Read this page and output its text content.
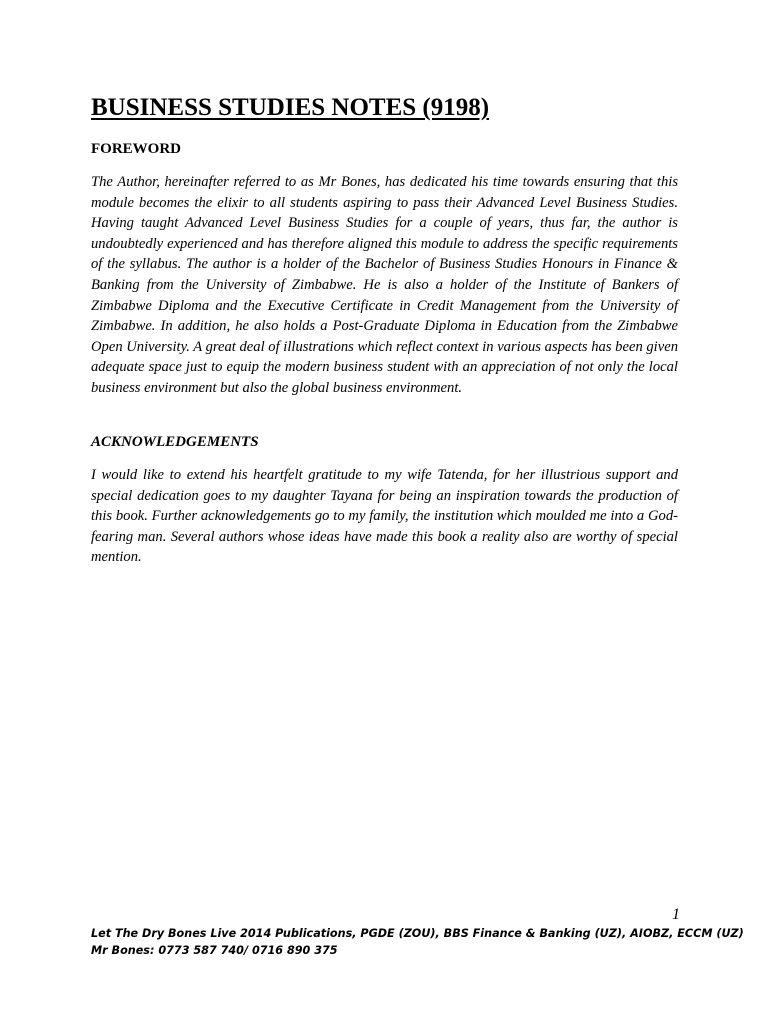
BUSINESS STUDIES NOTES (9198)
FOREWORD

The Author, hereinafter referred to as Mr Bones, has dedicated his time towards ensuring that this module becomes the elixir to all students aspiring to pass their Advanced Level Business Studies. Having taught Advanced Level Business Studies for a couple of years, thus far, the author is undoubtedly experienced and has therefore aligned this module to address the specific requirements of the syllabus. The author is a holder of the Bachelor of Business Studies Honours in Finance & Banking from the University of Zimbabwe. He is also a holder of the Institute of Bankers of Zimbabwe Diploma and the Executive Certificate in Credit Management from the University of Zimbabwe. In addition, he also holds a Post-Graduate Diploma in Education from the Zimbabwe Open University. A great deal of illustrations which reflect context in various aspects has been given adequate space just to equip the modern business student with an appreciation of not only the local business environment but also the global business environment.

ACKNOWLEDGEMENTS

I would like to extend his heartfelt gratitude to my wife Tatenda, for her illustrious support and special dedication goes to my daughter Tayana for being an inspiration towards the production of this book. Further acknowledgements go to my family, the institution which moulded me into a God-fearing man. Several authors whose ideas have made this book a reality also are worthy of special mention.

1
Let The Dry Bones Live 2014 Publications, PGDE (ZOU), BBS Finance & Banking (UZ), AIOBZ, ECCM (UZ)
Mr Bones: 0773 587 740/ 0716 890 375
